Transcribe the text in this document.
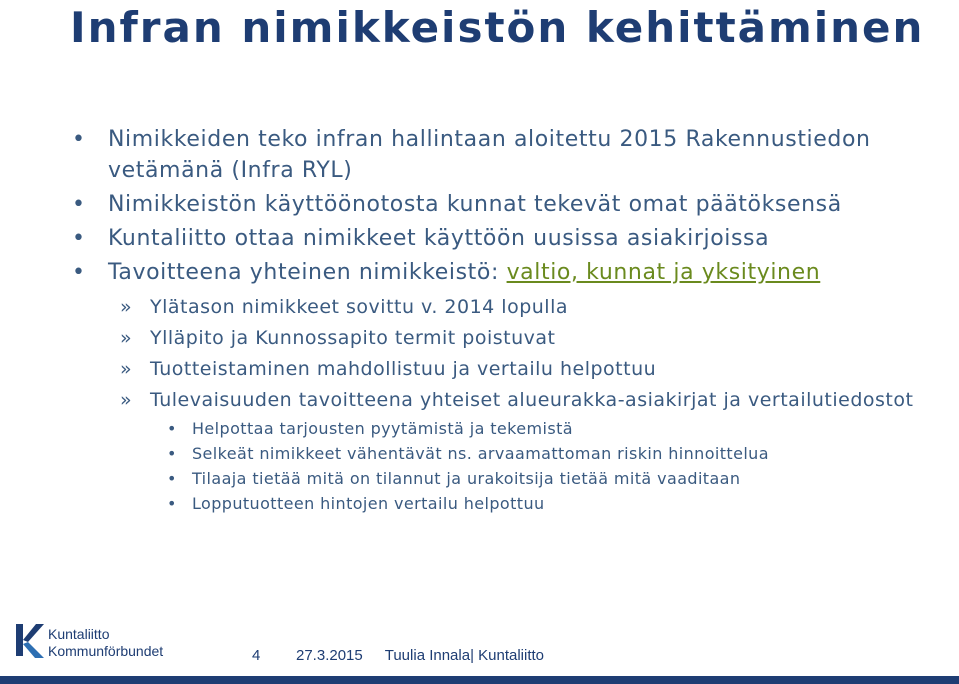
Infran nimikkeistön kehittäminen
• Nimikkeiden teko infran hallintaan aloitettu 2015 Rakennustiedon vetämänä (Infra RYL)
• Nimikkeistön käyttöönotosta kunnat tekevät omat päätöksensä
• Kuntaliitto ottaa nimikkeet käyttöön uusissa asiakirjoissa
• Tavoitteena yhteinen nimikkeistö: valtio, kunnat ja yksityinen
» Ylätason nimikkeet sovittu v. 2014 lopulla
» Ylläpito ja Kunnossapito termit poistuvat
» Tuotteistaminen mahdollistuu ja vertailu helpottuu
» Tulevaisuuden tavoitteena yhteiset alueurakka-asiakirjat ja vertailutiedostot
• Helpottaa tarjousten pyytämistä ja tekemistä
• Selkeät nimikkeet vähentävät ns. arvaamattoman riskin hinnoittelua
• Tilaaja tietää mitä on tilannut ja urakoitsija tietää mitä vaaditaan
• Lopputuotteen hintojen vertailu helpottuu
Kuntaliitto
Kommunförbundet	4 27.3.2015 Tuulia Innala| Kuntaliitto
